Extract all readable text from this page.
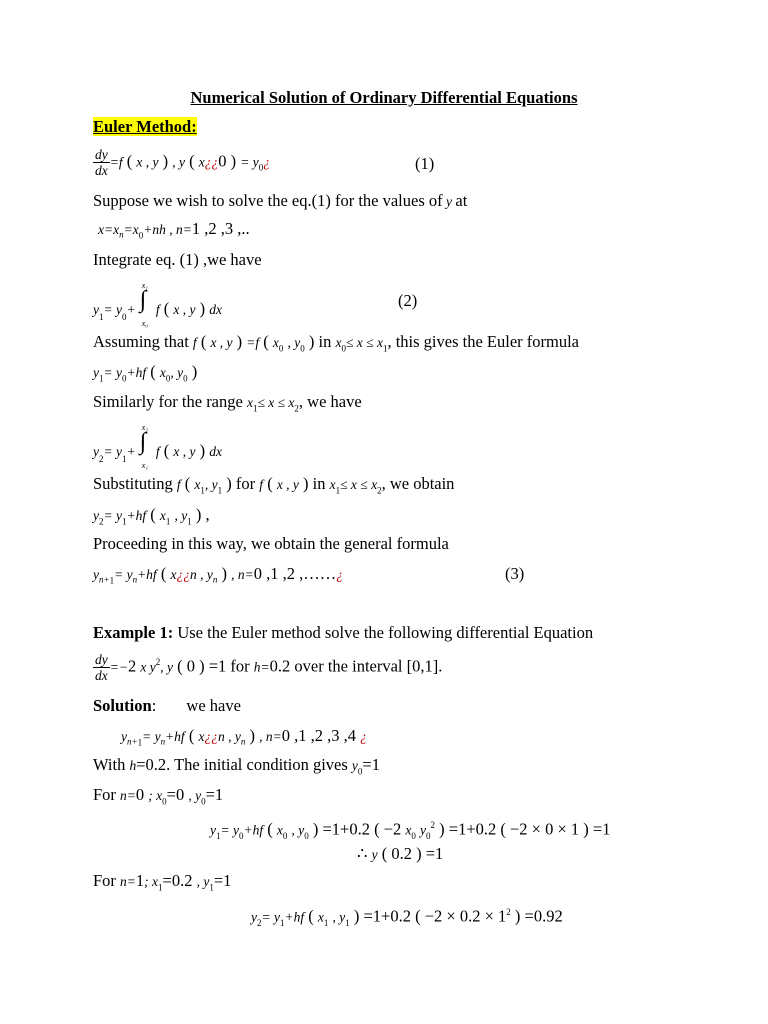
Numerical Solution of Ordinary Differential Equations
Euler Method:
$\frac{dy}{dx} =f$ ( x , y ) , y ( x¿¿0 ) = $y_0¿$	(1)
Suppose we wish to solve the eq.(1) for the values of y at
$x=x_n=x_0+nh$ , n=1 ,2 ,3 ,..
Integrate eq. (1) ,we have
$_{y1= y0+}$
x₁
∫
x₀
$_f$ ( $_{x , y}$ ) $_{dx}$	(2)
Assuming that f ( x , y ) =f ( $x_0$ , $y_0$ ) in $x_0\le x \le x_1$, this gives the Euler formula
$y_1= y_0+hf$ ( $x_0$, $y_0$ )
Similarly for the range $x_1\le x \le x_2$, we have
$_{y2= y1+}$
x₂
∫
x₁
$_f$ ( $_{x , y}$ ) $_{dx}$
Substituting f ( $x_1$, $y_1$ ) for f ( x , y ) in $x_1\le x \le x_2$, we obtain
$y_2= y_1+hf$ ( $x_1$ , $y_1$ ) ,
Proceeding in this way, we obtain the general formula
$y_{n+1}= y_n+hf$ ( x¿¿n , $y_n$ ) , n=0 ,1 ,2 ,……¿	(3)
Example 1: Use the Euler method solve the following differential Equation
$\frac{dy}{dx} =-2$ x $y^2$, y ( 0 ) =1 for h=0.2 over the interval [0,1].
Solution: we have
$y_{n+1}= y_n+hf$ ( x¿¿n , $y_n$ ) , n=0 ,1 ,2 ,3 ,4 ¿
With h=0.2. The initial condition gives $y_0=1$
For n=0 ; $x_0=0$ , $y_0=1$
$y_1= y_0+hf$ ( $x_0$ , $y_0$ ) =1+0.2 ( −2 $x_0$ $y_0^2$ ) =1+0.2 ( −2 × 0 × 1 ) =1
∴ y ( 0.2 ) =1
For n=1; $x_1=0.2$ , $y_1=1$
$y_2= y_1+hf$ ( $x_1$ , $y_1$ ) =1+0.2 ( $-2 \times 0.2 \times 1^2$ ) =0.92
